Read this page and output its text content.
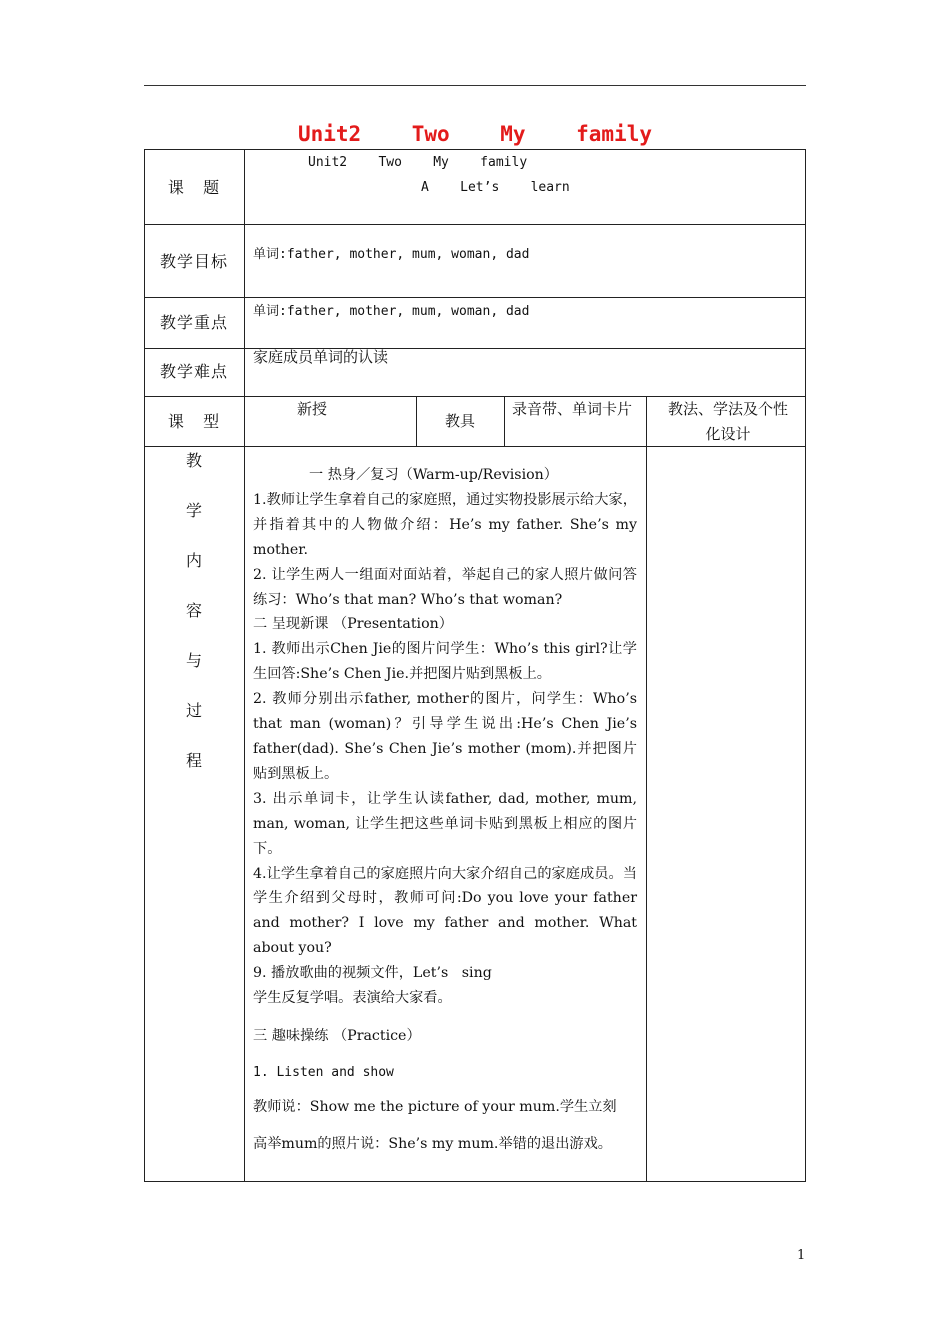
Unit2    Two    My    family
课   题
Unit2    Two    My    family
A    Let’s    learn
教学目标	单词:father, mother, mum, woman, dad
教学重点
单词:father, mother, mum, woman, dad
教学难点
家庭成员单词的认读
课   型
新授
教具
录音带、单词卡片	教法、学法及个性化设计
教
学
内
容
与
过
程

一 热身／复习（Warm-up/Revision）

1.教师让学生拿着自己的家庭照，通过实物投影展示给大家，并指着其中的人物做介绍：He’s my father. She’s my mother.

2. 让学生两人一组面对面站着，举起自己的家人照片做问答练习：Who’s that man? Who’s that woman?

二 呈现新课 （Presentation）

1. 教师出示Chen Jie的图片问学生：Who’s this girl?让学生回答:She’s Chen Jie.并把图片贴到黑板上。

2. 教师分别出示father, mother的图片，问学生：Who’s that man (woman)？引导学生说出:He’s Chen Jie’s father(dad). She’s Chen Jie’s mother (mom).并把图片贴到黑板上。

3. 出示单词卡，让学生认读father, dad, mother, mum, man, woman, 让学生把这些单词卡贴到黑板上相应的图片下。

4.让学生拿着自己的家庭照片向大家介绍自己的家庭成员。当学生介绍到父母时，教师可问:Do you love your father and mother? I love my father and mother. What about you?

9. 播放歌曲的视频文件，Let’s   sing

学生反复学唱。表演给大家看。

三 趣味操练 （Practice）

1. Listen and show

教师说：Show me the picture of your mum.学生立刻

高举mum的照片说：She’s my mum.举错的退出游戏。

1
